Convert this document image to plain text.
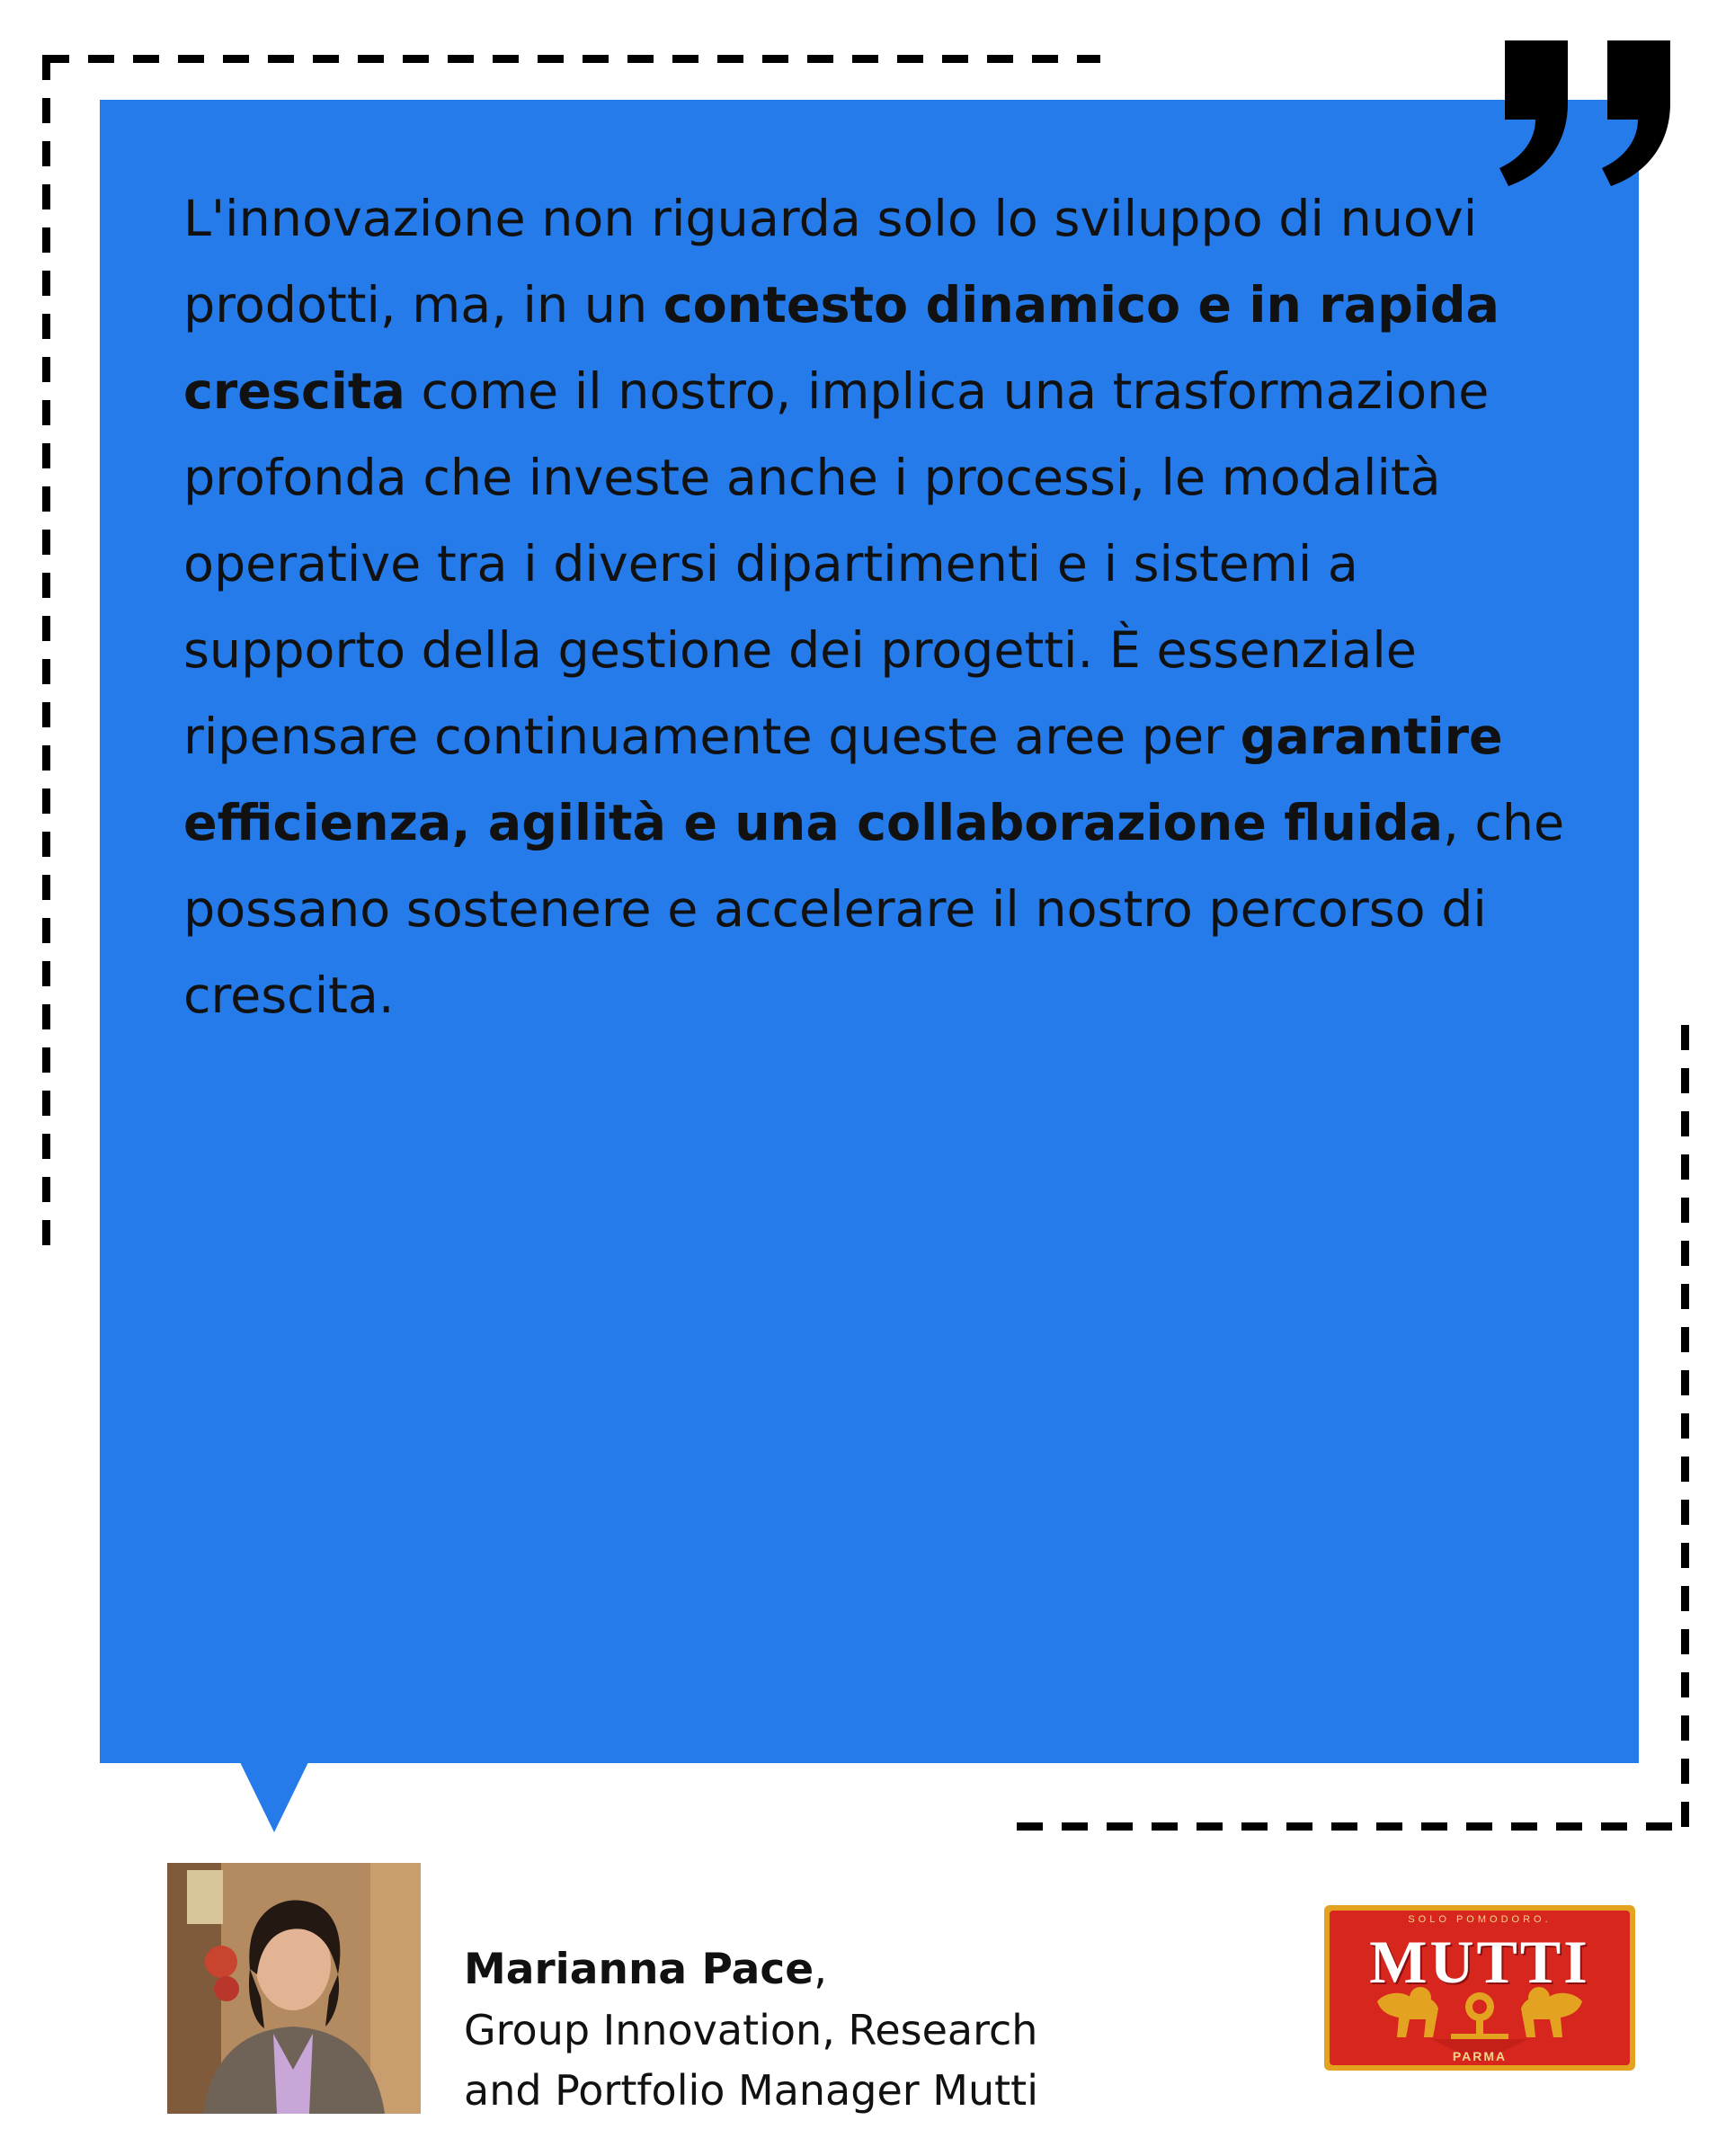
L'innovazione non riguarda solo lo sviluppo di nuovi prodotti, ma, in un contesto dinamico e in rapida crescita come il nostro, implica una trasformazione profonda che investe anche i processi, le modalità operative tra i diversi dipartimenti e i sistemi a supporto della gestione dei progetti. È essenziale ripensare continuamente queste aree per garantire efficienza, agilità e una collaborazione fluida, che possano sostenere e accelerare il nostro percorso di crescita.

Marianna Pace,

Group Innovation, Research

and Portfolio Manager Mutti

SOLO POMODORO.

MUTTI

PARMA
